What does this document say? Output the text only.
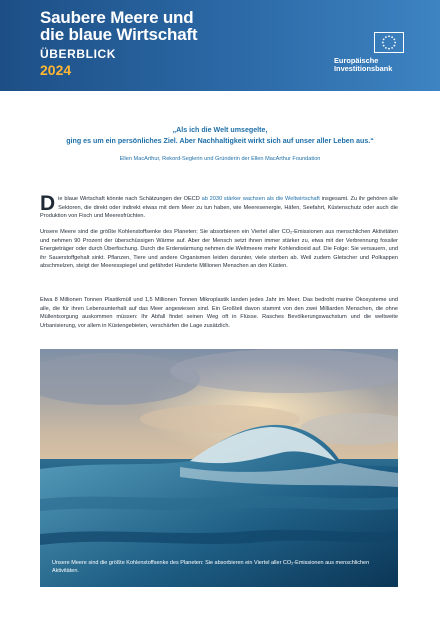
Saubere Meere und
die blaue Wirtschaft
ÜBERBLICK
2024
Europäische
Investitionsbank
„Als ich die Welt umsegelte,
ging es um ein persönliches Ziel. Aber Nachhaltigkeit wirkt sich auf unser aller Leben aus.“
Ellen MacArthur, Rekord-Seglerin und Gründerin der Ellen MacArthur Foundation
Die blaue Wirtschaft könnte nach Schätzungen der OECD ab 2030 stärker wachsen als die Weltwirtschaft insgesamt. Zu ihr gehören alle Sektoren, die direkt oder indirekt etwas mit dem Meer zu tun haben, wie Meeresenergie, Häfen, Seefahrt, Küstenschutz oder auch die Produktion von Fisch und Meeresfrüchten.
Unsere Meere sind die größte Kohlenstoffsenke des Planeten: Sie absorbieren ein Viertel aller CO₂-Emissionen aus menschlichen Aktivitäten und nehmen 90 Prozent der überschüssigen Wärme auf. Aber der Mensch setzt ihnen immer stärker zu, etwa mit der Verbrennung fossiler Energieträger oder durch Überfischung. Durch die Erderwärmung nehmen die Weltmeere mehr Kohlendioxid auf. Die Folge: Sie versauern, und ihr Sauerstoffgehalt sinkt. Pflanzen, Tiere und andere Organismen leiden darunter, viele sterben ab. Weil zudem Gletscher und Polkappen abschmelzen, steigt der Meeresspiegel und gefährdet Hunderte Millionen Menschen an den Küsten.
Etwa 8 Millionen Tonnen Plastikmüll und 1,5 Millionen Tonnen Mikroplastik landen jedes Jahr im Meer. Das bedroht marine Ökosysteme und alle, die für ihren Lebensunterhalt auf das Meer angewiesen sind. Ein Großteil davon stammt von den zwei Milliarden Menschen, die ohne Müllentsorgung auskommen müssen: Ihr Abfall findet seinen Weg oft in Flüsse. Rasches Bevölkerungswachstum und die weltweite Urbanisierung, vor allem in Küstengebieten, verschärfen die Lage zusätzlich.
Unsere Meere sind die größte Kohlenstoffsenke des Planeten: Sie absorbieren ein Viertel aller CO₂-Emissionen aus menschlichen Aktivitäten.
